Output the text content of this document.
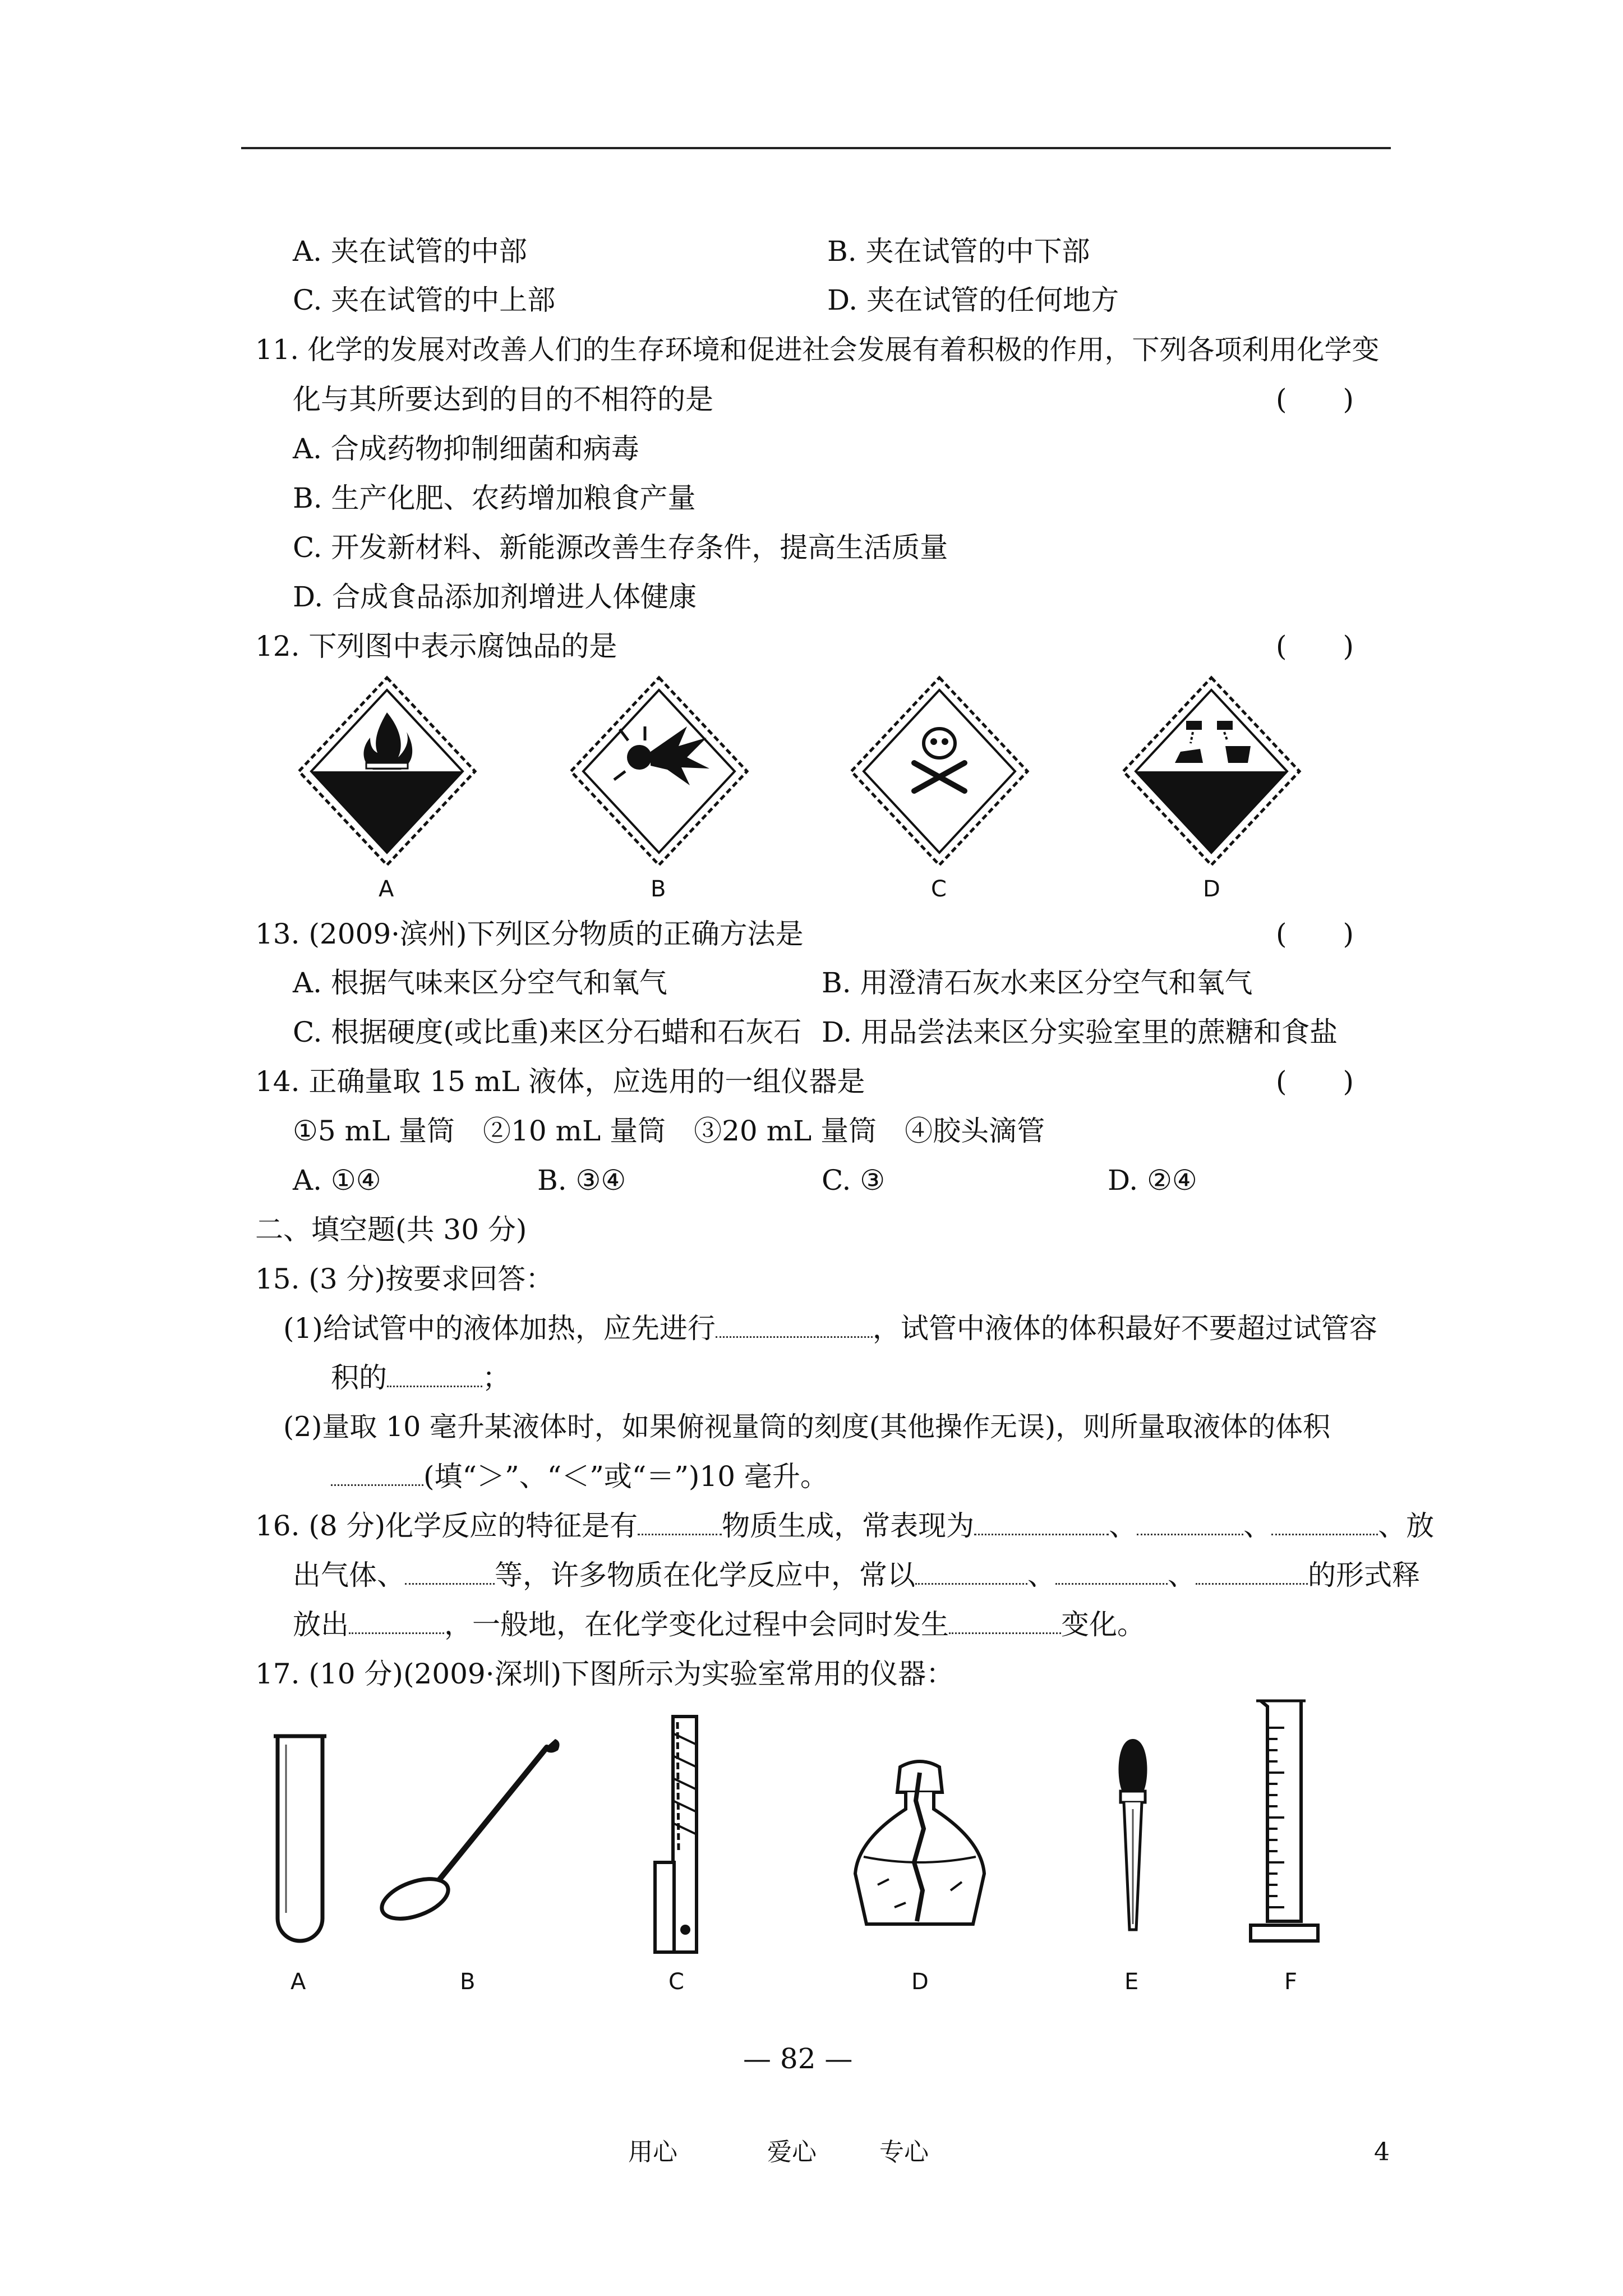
A. 夹在试管的中部	B. 夹在试管的中下部
C. 夹在试管的中上部	D. 夹在试管的任何地方
11. 化学的发展对改善人们的生存环境和促进社会发展有着积极的作用，下列各项利用化学变
化与其所要达到的目的不相符的是	(　　)
A. 合成药物抑制细菌和病毒
B. 生产化肥、农药增加粮食产量
C. 开发新材料、新能源改善生存条件，提高生活质量
D. 合成食品添加剂增进人体健康
12. 下列图中表示腐蚀品的是	(　　)
A	B	C	D
13. (2009·滨州)下列区分物质的正确方法是	(　　)
A. 根据气味来区分空气和氧气	B. 用澄清石灰水来区分空气和氧气
C. 根据硬度(或比重)来区分石蜡和石灰石 D. 用品尝法来区分实验室里的蔗糖和食盐
14. 正确量取 15 mL 液体，应选用的一组仪器是	(　　)
①5 mL 量筒　②10 mL 量筒　③20 mL 量筒　④胶头滴管
A. ①④	B. ③④	C. ③	D. ②④
二、填空题(共 30 分)
15. (3 分)按要求回答：
(1)给试管中的液体加热，应先进行	，试管中液体的体积最好不要超过试管容
积的	；
(2)量取 10 毫升某液体时，如果俯视量筒的刻度(其他操作无误)，则所量取液体的体积
(填“＞”、“＜”或“＝”)10 毫升。
16. (8 分)化学反应的特征是有	物质生成，常表现为	、	、	、放
出气体、	等，许多物质在化学反应中，常以	、	、	的形式释
放出	，一般地，在化学变化过程中会同时发生	变化。
17. (10 分)(2009·深圳)下图所示为实验室常用的仪器：
A	B	C	D	E	F
— 82 —
用心	爱心	专心	4
